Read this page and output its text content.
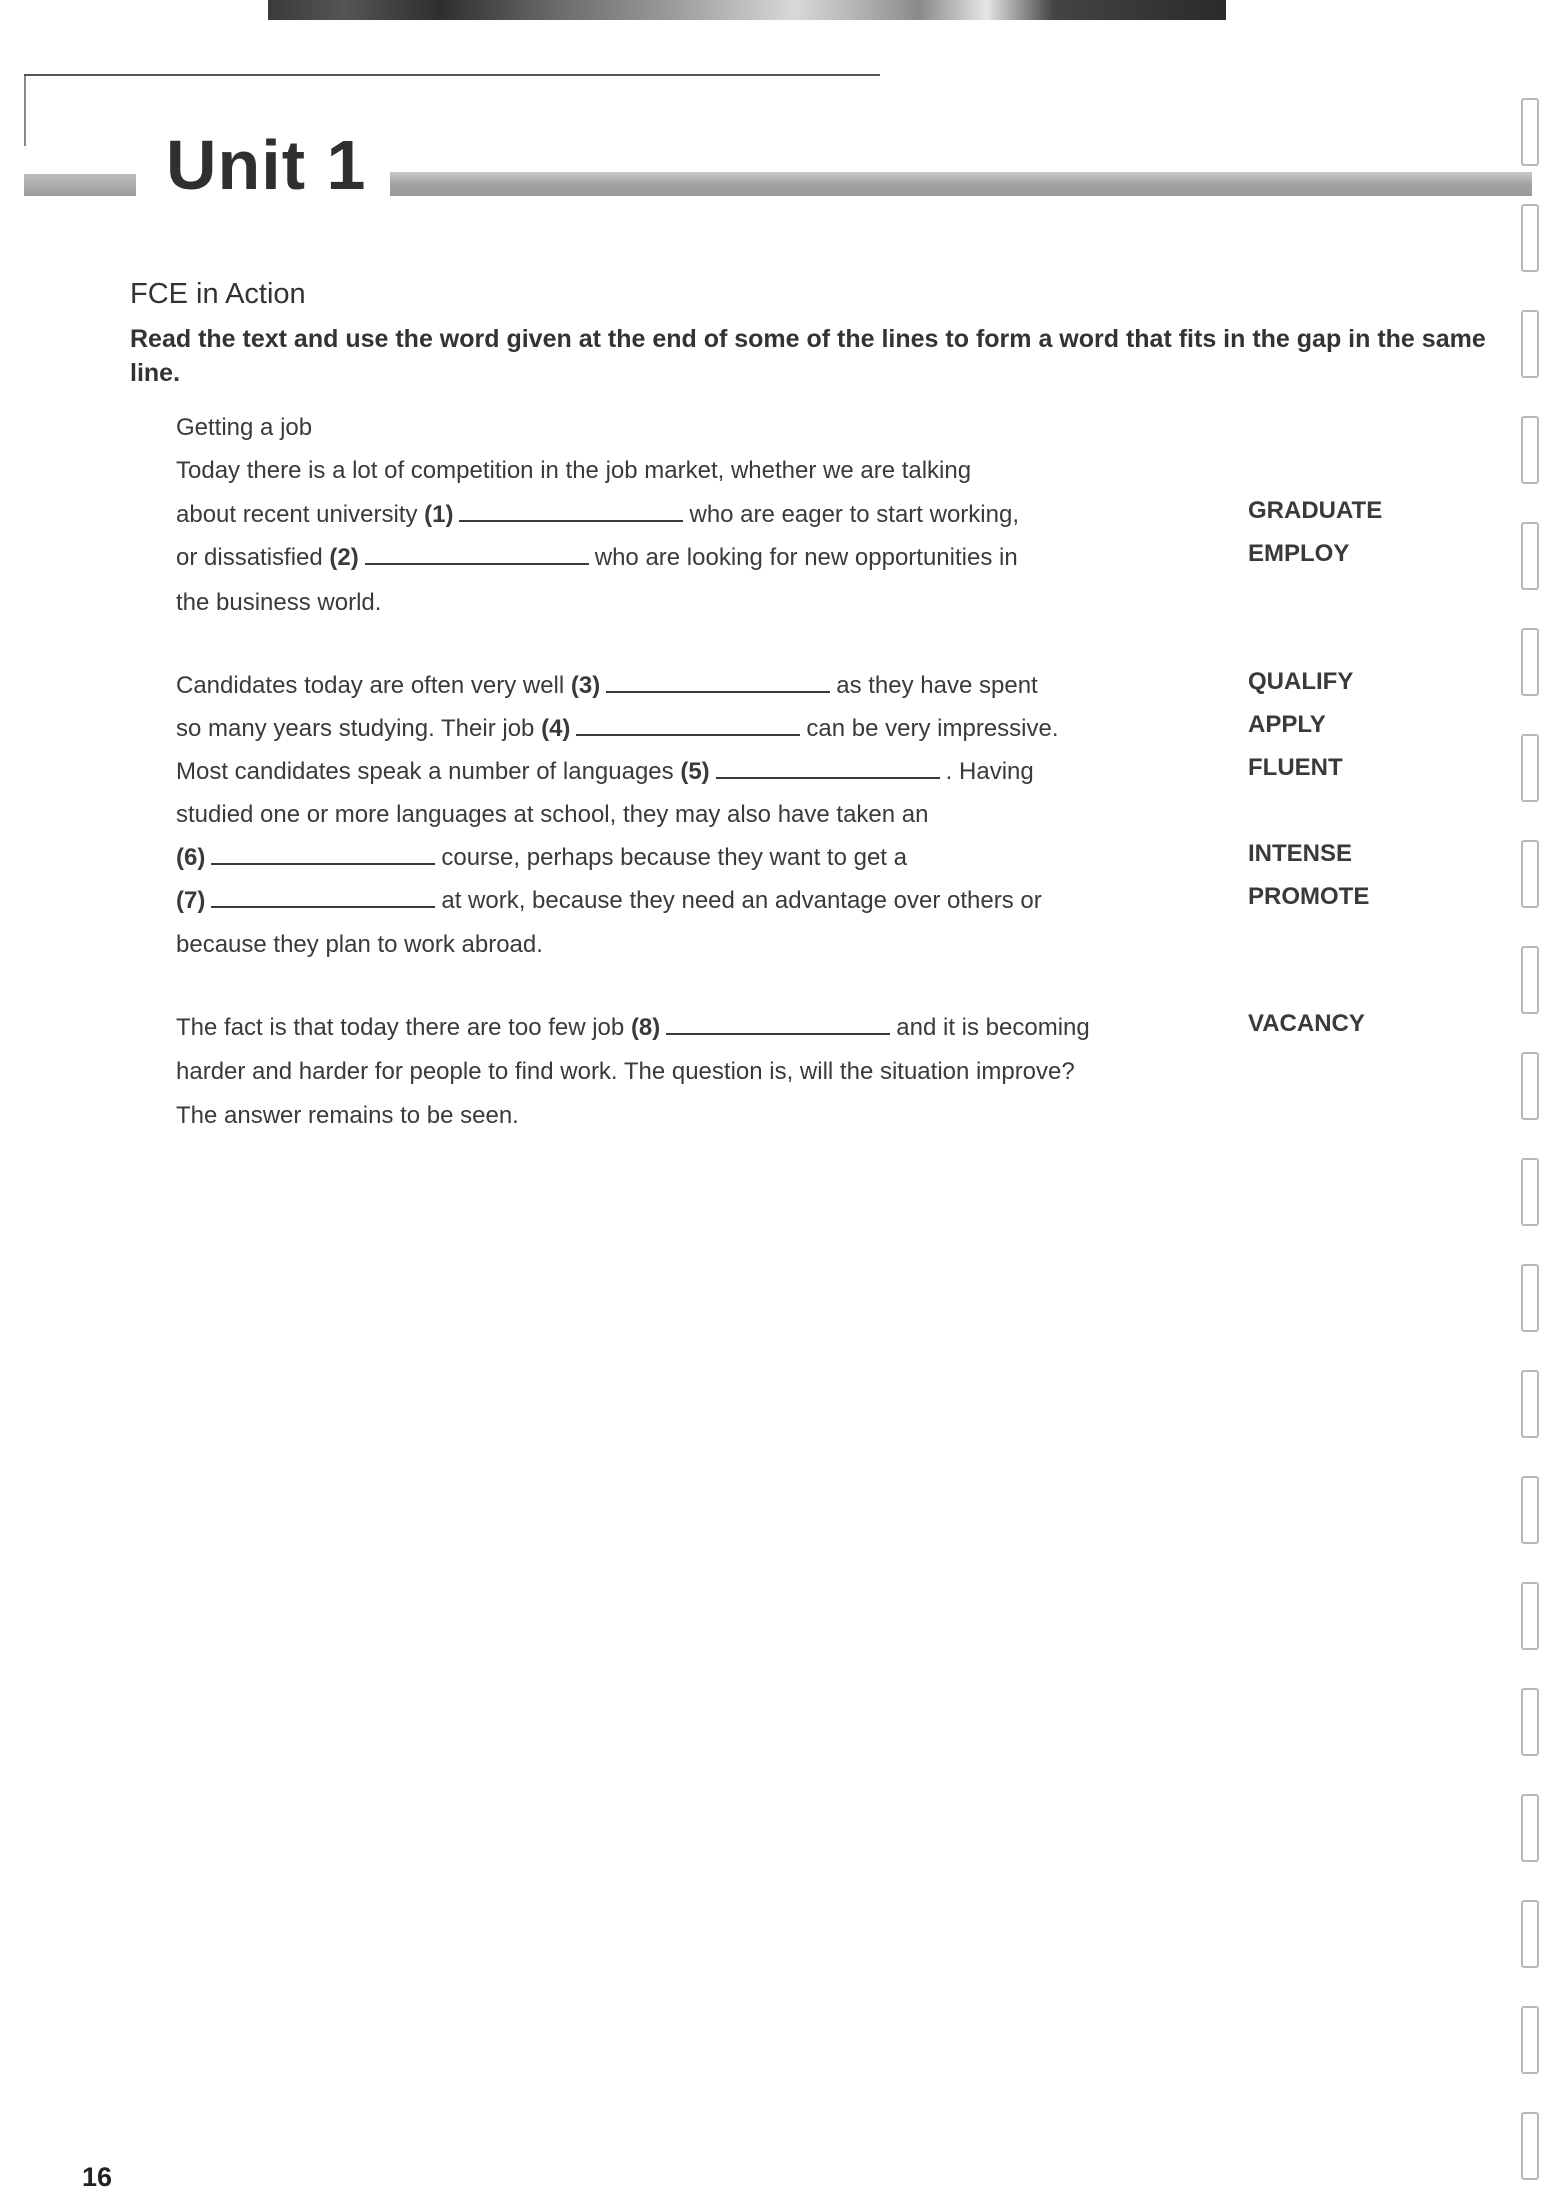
Unit 1
FCE in Action
Read the text and use the word given at the end of some of the lines to form a word that fits in the gap in the same line.
Getting a job
Today there is a lot of competition in the job market, whether we are talking
about recent university (1)	who are eager to start working,	GRADUATE
or dissatisfied (2)	who are looking for new opportunities in	EMPLOY
the business world.
Candidates today are often very well (3)	as they have spent	QUALIFY
so many years studying. Their job (4)	can be very impressive.	APPLY
Most candidates speak a number of languages (5)	. Having	FLUENT
studied one or more languages at school, they may also have taken an
(6)	course, perhaps because they want to get a	INTENSE
(7)	at work, because they need an advantage over others or	PROMOTE
because they plan to work abroad.
The fact is that today there are too few job (8)	and it is becoming	VACANCY
harder and harder for people to find work. The question is, will the situation improve?
The answer remains to be seen.
16
